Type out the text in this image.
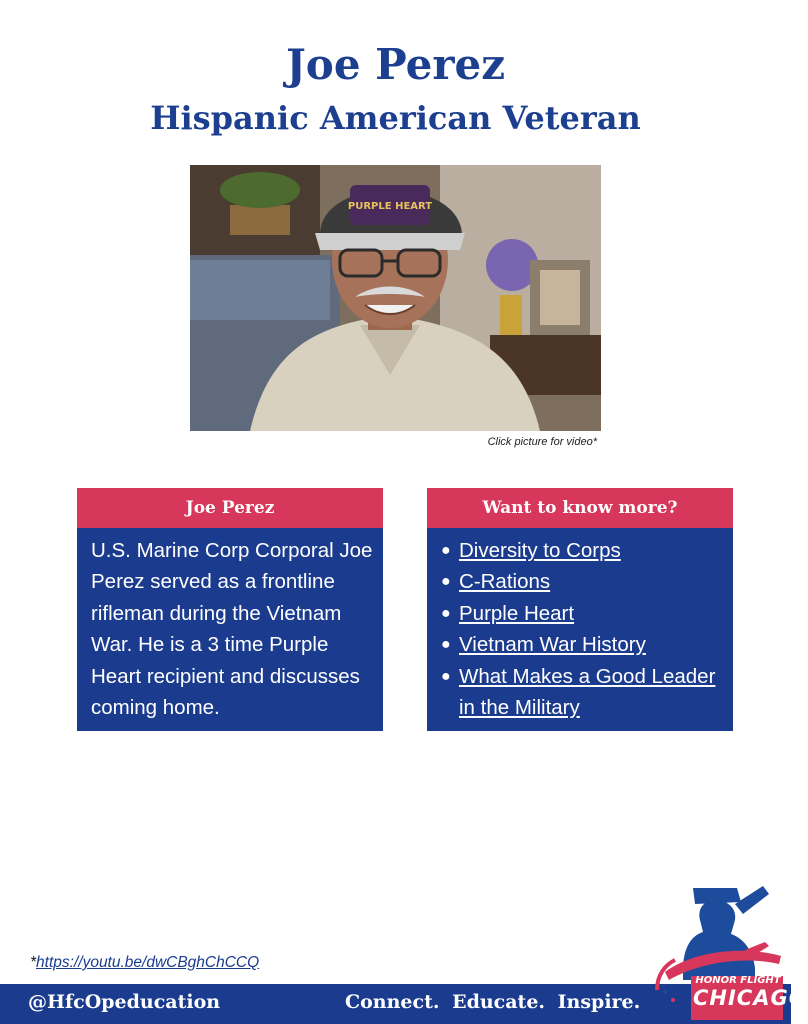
Joe Perez
Hispanic American Veteran
PURPLE HEART
Click picture for video*
Joe Perez
U.S. Marine Corp Corporal Joe Perez served as a frontline rifleman during the Vietnam War. He is a 3 time Purple Heart recipient and discusses coming home.
Want to know more?
● Diversity to Corps
● C-Rations
● Purple Heart
● Vietnam War History
● What Makes a Good Leader in the Military
*https://youtu.be/dwCBghChCCQ
@HfcOpeducation	Connect. Educate. Inspire.
HONOR FLIGHT
CHICAGO
